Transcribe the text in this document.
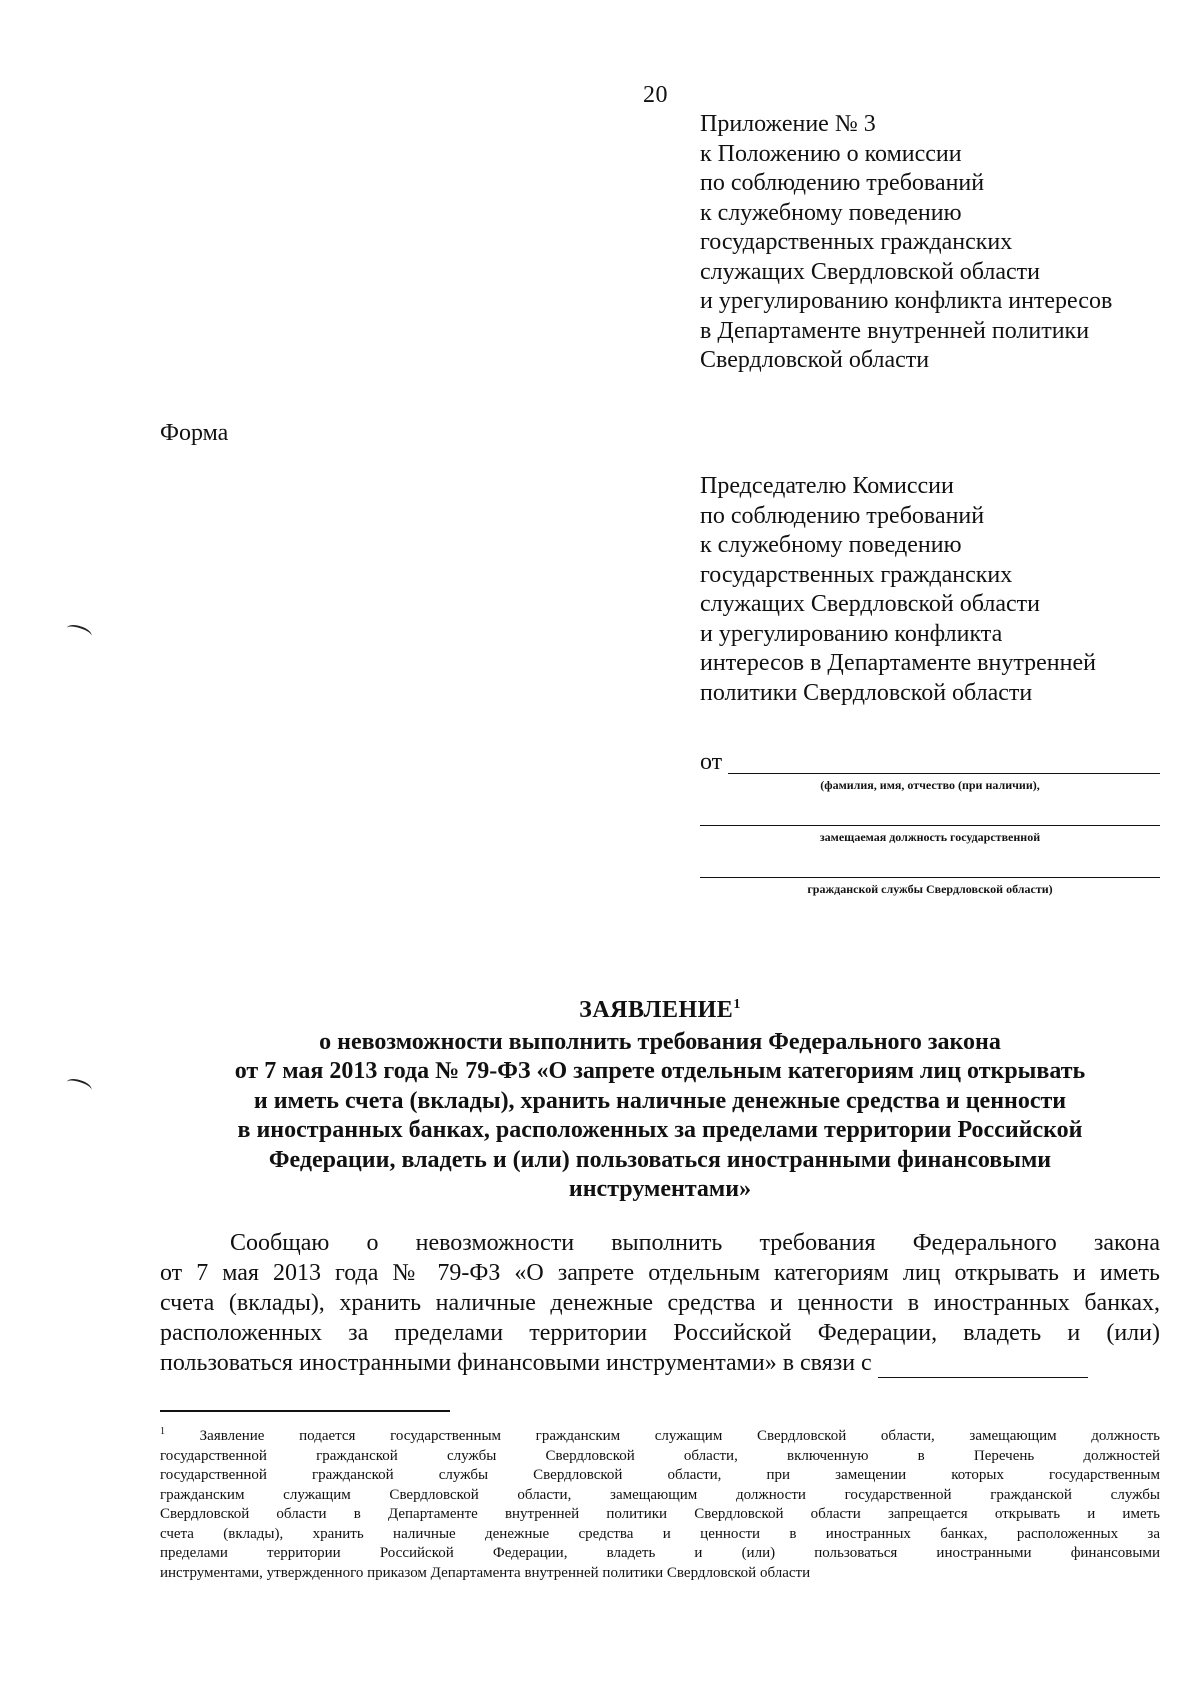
20
Приложение № 3
к Положению о комиссии
по соблюдению требований
к служебному поведению
государственных гражданских
служащих Свердловской области
и урегулированию конфликта интересов
в Департаменте внутренней политики
Свердловской области
Форма
Председателю Комиссии
по соблюдению требований
к служебному поведению
государственных гражданских
служащих Свердловской области
и урегулированию конфликта
интересов в Департаменте внутренней
политики Свердловской области
от
(фамилия, имя, отчество (при наличии),
замещаемая должность государственной
гражданской службы Свердловской области)
ЗАЯВЛЕНИЕ$^1$
о невозможности выполнить требования Федерального закона
от 7 мая 2013 года № 79-ФЗ «О запрете отдельным категориям лиц открывать
и иметь счета (вклады), хранить наличные денежные средства и ценности
в иностранных банках, расположенных за пределами территории Российской
Федерации, владеть и (или) пользоваться иностранными финансовыми
инструментами»
Сообщаю о невозможности выполнить требования Федерального закона
от 7 мая 2013 года № 79-ФЗ «О запрете отдельным категориям лиц открывать и иметь
счета (вклады), хранить наличные денежные средства и ценности в иностранных банках,
расположенных за пределами территории Российской Федерации, владеть и (или)
пользоваться иностранными финансовыми инструментами» в связи с
$^1$ Заявление подается государственным гражданским служащим Свердловской области, замещающим должность
государственной гражданской службы Свердловской области, включенную в Перечень должностей
государственной гражданской службы Свердловской области, при замещении которых государственным
гражданским служащим Свердловской области, замещающим должности государственной гражданской службы
Свердловской области в Департаменте внутренней политики Свердловской области запрещается открывать и иметь
счета (вклады), хранить наличные денежные средства и ценности в иностранных банках, расположенных за
пределами территории Российской Федерации, владеть и (или) пользоваться иностранными финансовыми
инструментами, утвержденного приказом Департамента внутренней политики Свердловской области
